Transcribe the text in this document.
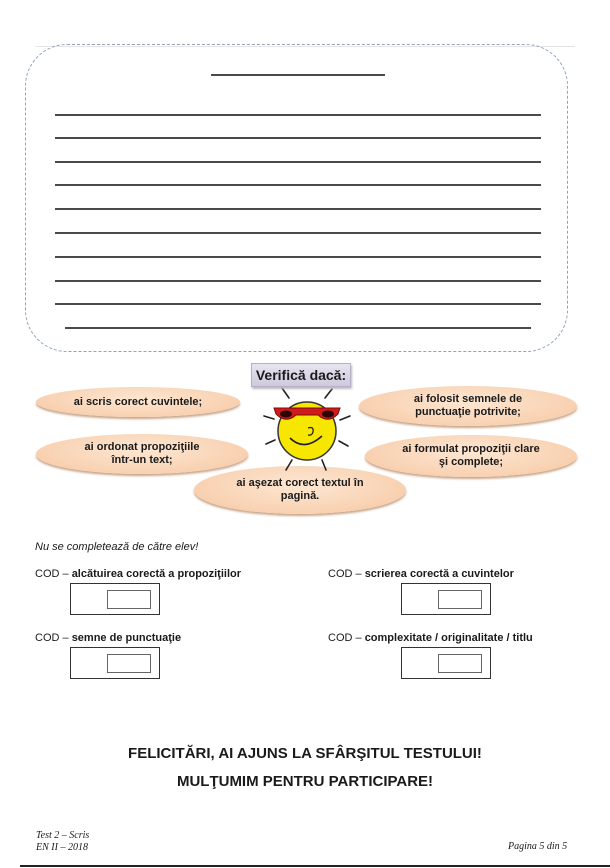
ai scris corect cuvintele;
ai ordonat propoziţiile
într-un text;
ai aşezat corect textul în
pagină.
ai folosit semnele de
punctuaţie potrivite;
ai formulat propoziţii clare
şi complete;
Verifică dacă:
Nu se completează de către elev!
COD – alcătuirea corectă a propoziţiilor	COD – scrierea corectă a cuvintelor
COD – semne de punctuaţie	COD – complexitate / originalitate / titlu
FELICITĂRI, AI AJUNS LA SFÂRŞITUL TESTULUI!
MULŢUMIM PENTRU PARTICIPARE!
Test 2 – Scris
EN II – 2018	Pagina 5 din 5
